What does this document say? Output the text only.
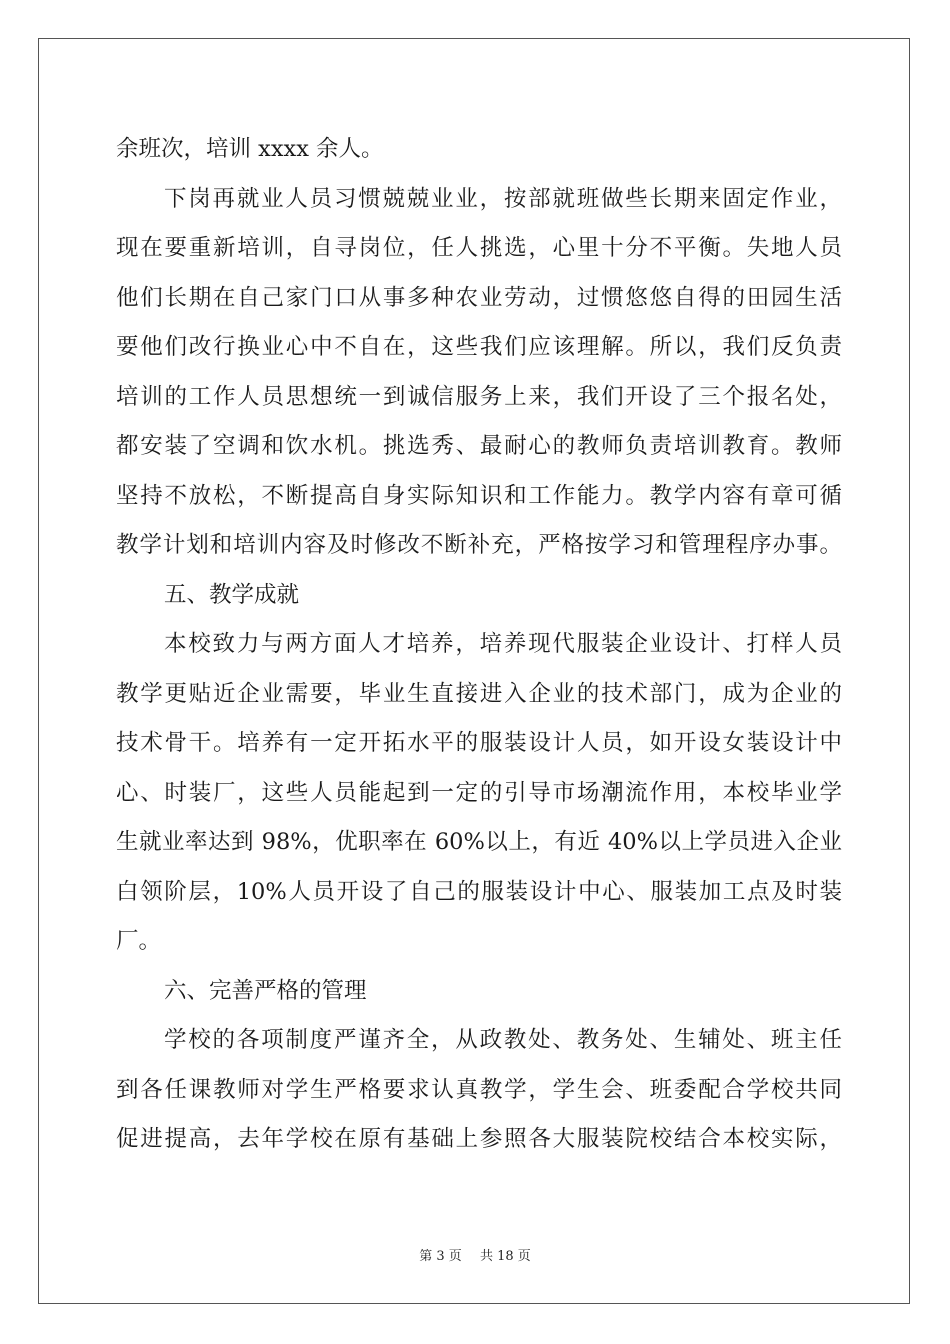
余班次，培训 xxxx 余人。
下岗再就业人员习惯兢兢业业，按部就班做些长期来固定作业，
现在要重新培训，自寻岗位，任人挑选，心里十分不平衡。失地人员
他们长期在自己家门口从事多种农业劳动，过惯悠悠自得的田园生活
要他们改行换业心中不自在，这些我们应该理解。所以，我们反负责
培训的工作人员思想统一到诚信服务上来，我们开设了三个报名处，
都安装了空调和饮水机。挑选秀、最耐心的教师负责培训教育。教师
坚持不放松，不断提高自身实际知识和工作能力。教学内容有章可循
教学计划和培训内容及时修改不断补充，严格按学习和管理程序办事。
五、教学成就
本校致力与两方面人才培养，培养现代服装企业设计、打样人员
教学更贴近企业需要，毕业生直接进入企业的技术部门，成为企业的
技术骨干。培养有一定开拓水平的服装设计人员，如开设女装设计中
心、时装厂，这些人员能起到一定的引导市场潮流作用，本校毕业学
生就业率达到 98%，优职率在 60%以上，有近 40%以上学员进入企业
白领阶层，10%人员开设了自己的服装设计中心、服装加工点及时装
厂。
六、完善严格的管理
学校的各项制度严谨齐全，从政教处、教务处、生辅处、班主任
到各任课教师对学生严格要求认真教学，学生会、班委配合学校共同
促进提高，去年学校在原有基础上参照各大服装院校结合本校实际，
第 3 页 共 18 页
